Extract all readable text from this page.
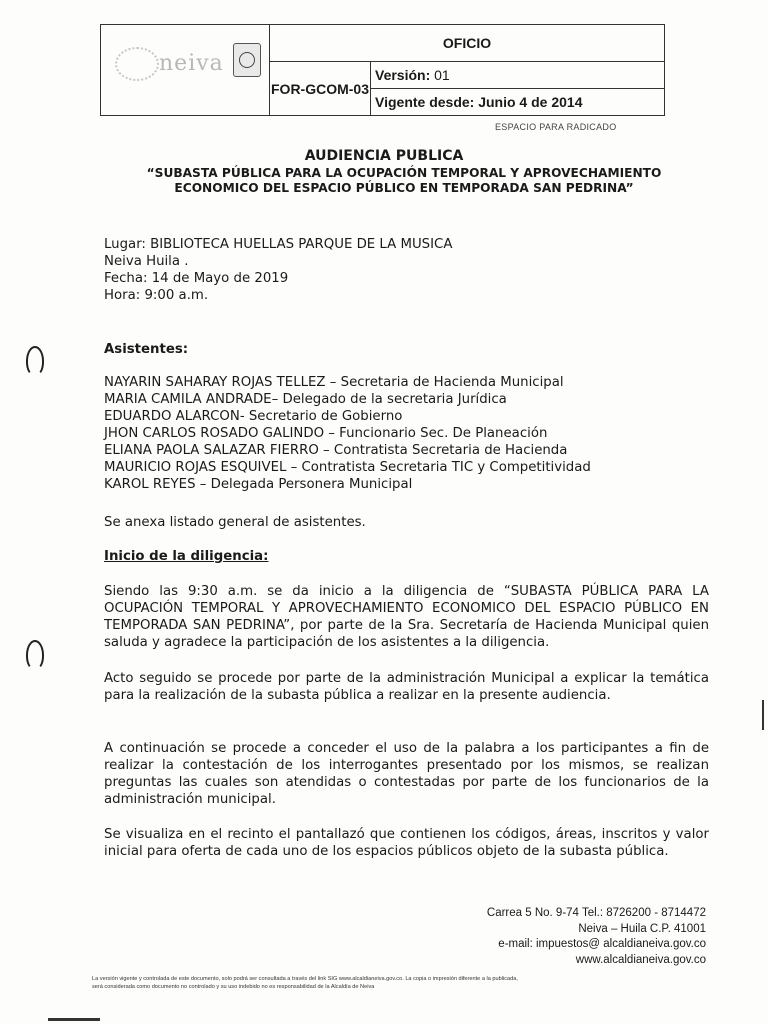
neiva	OFICIO	
	FOR-GCOM-03	Versión: 01
		Vigente desde: Junio 4 de 2014
ESPACIO PARA RADICADO
AUDIENCIA PUBLICA
“SUBASTA PÚBLICA PARA LA OCUPACIÓN TEMPORAL Y APROVECHAMIENTO
ECONOMICO DEL ESPACIO PÚBLICO EN TEMPORADA SAN PEDRINA”

Lugar: BIBLIOTECA HUELLAS PARQUE DE LA MUSICA

Neiva Huila .

Fecha: 14 de Mayo de 2019

Hora: 9:00 a.m.

Asistentes:

NAYARIN SAHARAY ROJAS TELLEZ – Secretaria de Hacienda Municipal

MARIA CAMILA ANDRADE– Delegado de la secretaria Jurídica

EDUARDO ALARCON- Secretario de Gobierno

JHON CARLOS ROSADO GALINDO – Funcionario Sec. De Planeación

ELIANA PAOLA SALAZAR FIERRO – Contratista Secretaria de Hacienda

MAURICIO ROJAS ESQUIVEL – Contratista Secretaria TIC y Competitividad

KAROL REYES – Delegada Personera Municipal

Se anexa listado general de asistentes.
Inicio de la diligencia:
Siendo las 9:30 a.m. se da inicio a la diligencia de “SUBASTA PÚBLICA PARA LA OCUPACIÓN TEMPORAL Y APROVECHAMIENTO ECONOMICO DEL ESPACIO PÚBLICO EN TEMPORADA SAN PEDRINA”, por parte de la Sra. Secretaría de Hacienda Municipal quien saluda y agradece la participación de los asistentes a la diligencia.
Acto seguido se procede por parte de la administración Municipal a explicar la temática para la realización de la subasta pública a realizar en la presente audiencia.
A continuación se procede a conceder el uso de la palabra a los participantes a fin de realizar la contestación de los interrogantes presentado por los mismos, se realizan preguntas las cuales son atendidas o contestadas por parte de los funcionarios de la administración municipal.
Se visualiza en el recinto el pantallazó que contienen los códigos, áreas, inscritos y valor inicial para oferta de cada uno de los espacios públicos objeto de la subasta pública.
Carrea 5 No. 9-74 Tel.: 8726200 - 8714472
Neiva – Huila C.P. 41001
e-mail: impuestos@ alcaldianeiva.gov.co
www.alcaldianeiva.gov.co
La versión vigente y controlada de este documento, solo podrá ser consultada a través del link SIG www.alcaldianeiva.gov.co. La copia o impresión diferente a la publicada,
será considerada como documento no controlado y su uso indebido no es responsabilidad de la Alcaldía de Neiva
